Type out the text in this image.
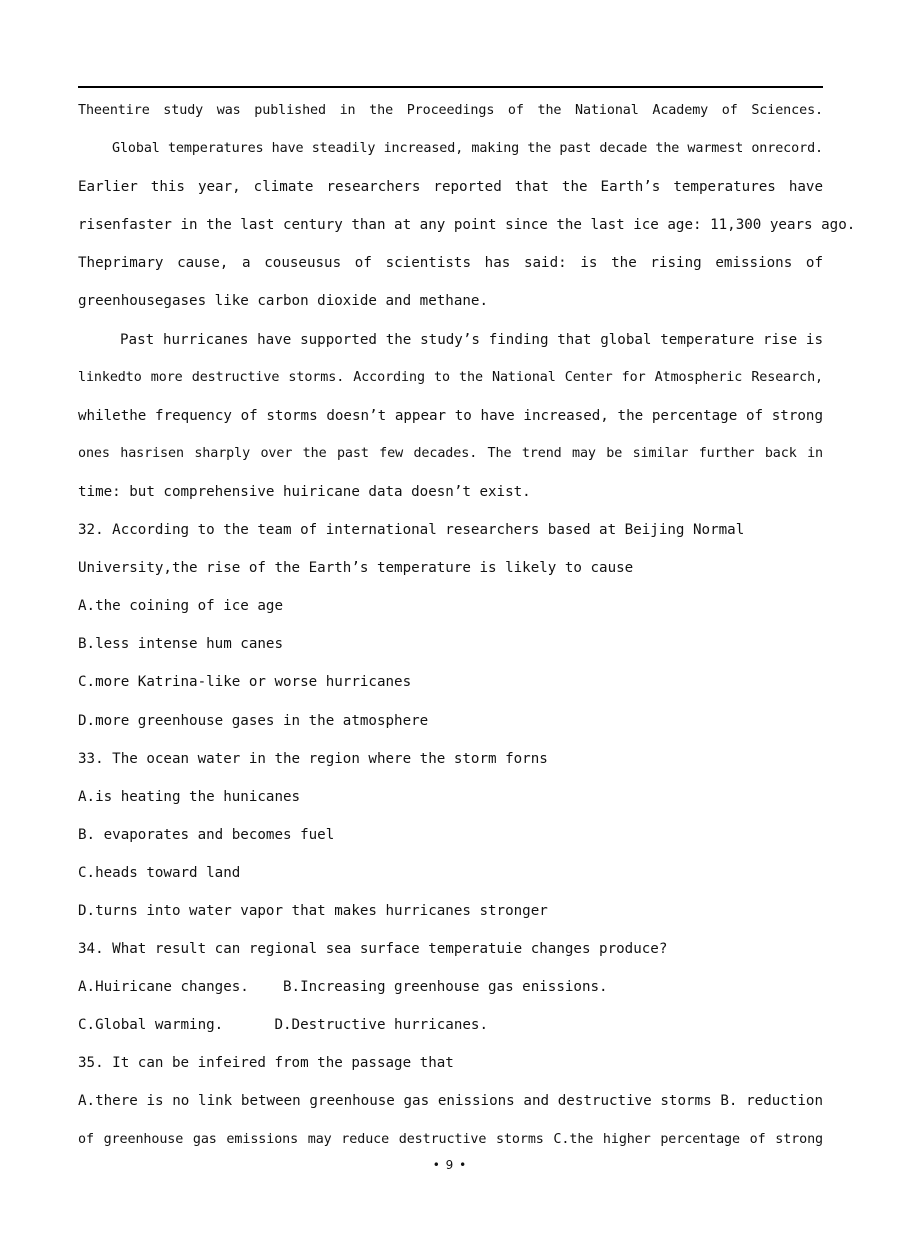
Theentire study was published in the Proceedings of the National Academy of Sciences.
Global temperatures have steadily increased, making the past decade the warmest onrecord.
Earlier this year, climate researchers reported that the Earth’s temperatures have
risenfaster in the last century than at any point since the last ice age: 11,300 years ago.
Theprimary cause, a couseusus of scientists has said: is the rising emissions of
greenhousegases like carbon dioxide and methane.
Past hurricanes have supported the study’s finding that global temperature rise is
linkedto more destructive storms. According to the National Center for Atmospheric Research,
whilethe frequency of storms doesn’t appear to have increased, the percentage of strong
ones hasrisen sharply over the past few decades. The trend may be similar further back in
time: but comprehensive huiricane data doesn’t exist.
32. According to the team of international researchers based at Beijing Normal
University,the rise of the Earth’s temperature is likely to cause
A.the coining of ice age
B.less intense hum canes
C.more Katrina-like or worse hurricanes
D.more greenhouse gases in the atmosphere
33. The ocean water in the region where the storm forns
A.is heating the hunicanes
B. evaporates and becomes fuel
C.heads toward land
D.turns into water vapor that makes hurricanes stronger
34. What result can regional sea surface temperatuie changes produce?
A.Huiricane changes.    B.Increasing greenhouse gas enissions.
C.Global warming.      D.Destructive hurricanes.
35. It can be infeired from the passage that
A.there is no link between greenhouse gas enissions and destructive storms B. reduction
of greenhouse gas emissions may reduce destructive storms C.the higher percentage of strong
• 9 •
